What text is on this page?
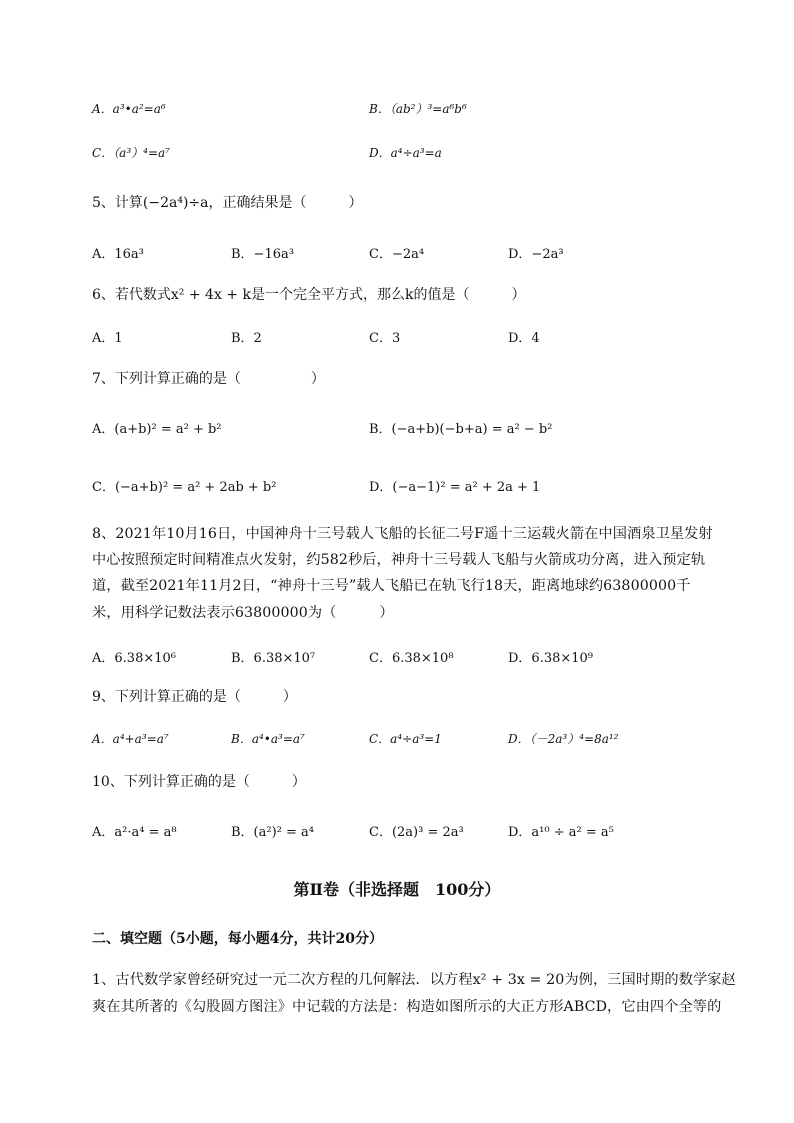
A．a³•a²=a⁶	B．（ab²）³=a⁶b⁶
C．（a³）⁴=a⁷	D．a⁴÷a³=a
5、计算(−2a⁴)÷a，正确结果是（　　　）
A．16a³	B．−16a³	C．−2a⁴	D．−2a³
6、若代数式x² + 4x + k是一个完全平方式，那么k的值是（　　　）
A．1	B．2	C．3	D．4
7、下列计算正确的是（　　　　　）
A．(a+b)² = a² + b²	B．(−a+b)(−b+a) = a² − b²
C．(−a+b)² = a² + 2ab + b²	D．(−a−1)² = a² + 2a + 1
8、2021年10月16日，中国神舟十三号载人飞船的长征二号F遥十三运载火箭在中国酒泉卫星发射
中心按照预定时间精准点火发射，约582秒后，神舟十三号载人飞船与火箭成功分离，进入预定轨
道，截至2021年11月2日，“神舟十三号”载人飞船已在轨飞行18天，距离地球约63800000千
米，用科学记数法表示63800000为（　　　）
A．6.38×10⁶	B．6.38×10⁷	C．6.38×10⁸	D．6.38×10⁹
9、下列计算正确的是（　　　）
A．a⁴+a³=a⁷	B．a⁴•a³=a⁷	C．a⁴÷a³=1	D．（－2a³）⁴=8a¹²
10、下列计算正确的是（　　　）
A．a²·a⁴ = a⁸	B．(a²)² = a⁴	C．(2a)³ = 2a³	D．a¹⁰ ÷ a² = a⁵
第Ⅱ卷（非选择题　100分）
二、填空题（5小题，每小题4分，共计20分）
1、古代数学家曾经研究过一元二次方程的几何解法．以方程x² + 3x = 20为例，三国时期的数学家赵
爽在其所著的《勾股圆方图注》中记载的方法是：构造如图所示的大正方形ABCD，它由四个全等的
